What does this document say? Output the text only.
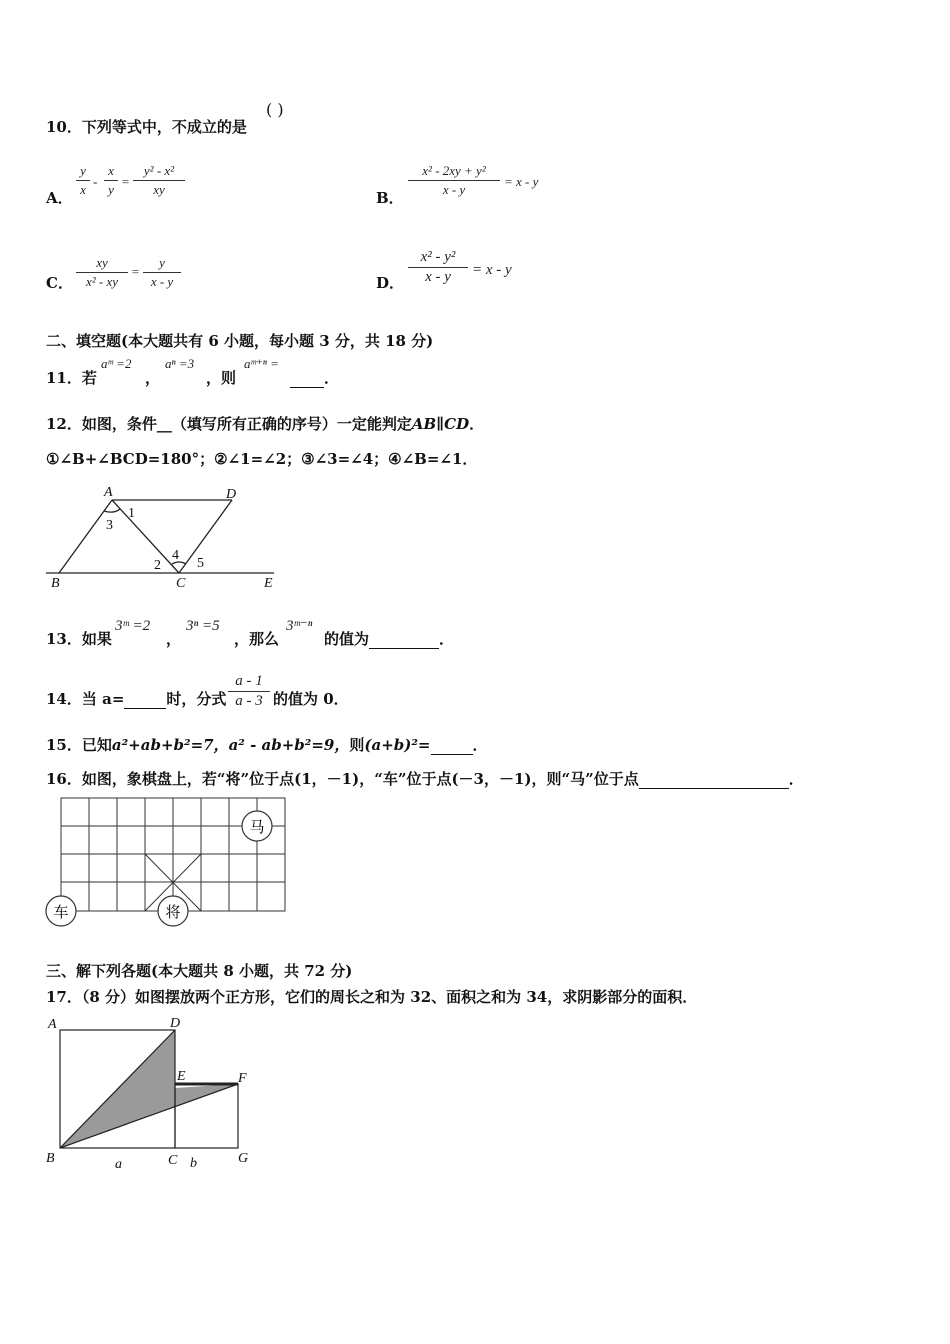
10．下列等式中，不成立的是
( )
A． $\frac{y}{x} - \frac{x}{y} = \frac{\text{y² - x²}}{xy}$	B． $\frac{\text{x² - 2xy + y²}}{x - y} = x - y$
C． $\frac{xy}{\text{x² - xy}} = \frac{y}{x - y}$	D． $\frac{\text{x² - y²}}{x - y} = x - y$
二、填空题(本大题共有 6 小题，每小题 3 分，共 18 分)
11．若
aᵐ =2
，
aⁿ =3
，则
aᵐ⁺ⁿ =
．
12．如图，条件__（填写所有正确的序号）一定能判定AB∥CD．
①∠B+∠BCD=180°；②∠1=∠2；③∠3=∠4；④∠B=∠1．
A	D
B	C	E
1
3
2
4
5
13．如果
3ᵐ =2
，
3ⁿ =5
，那么
3ᵐ⁻ⁿ
的值为	．
14．当 a=	时，分式 $\frac{a - 1}{a - 3}$ 的值为 0．
15．已知a²+ab+b²=7，a² - ab+b²=9，则(a+b)²=	．
16．如图，象棋盘上，若“将”位于点(1，－1)，“车”位于点(－3，－1)，则“马”位于点	．
马
车	将
三、解下列各题(本大题共 8 小题，共 72 分)
17．（8 分）如图摆放两个正方形，它们的周长之和为 32、面积之和为 34，求阴影部分的面积．
A	D
E	F
B	C	G
a	b
